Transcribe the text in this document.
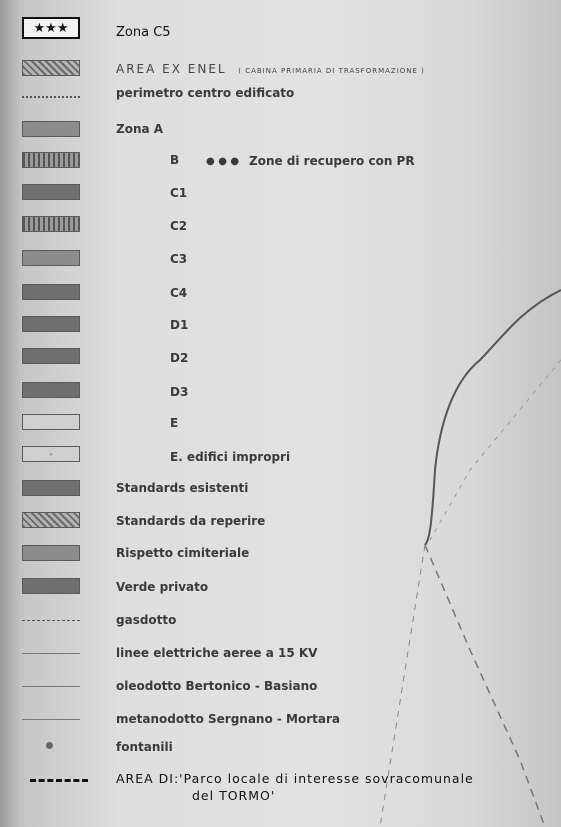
★★★	Zona C5
AREA EX ENEL ( CABINA PRIMARIA DI TRASFORMAZIONE )
perimetro centro edificato
Zona A
B	● ● ● Zone di recupero con PR
C1
C2
C3
C4
D1
D2
D3
E
◦	E. edifici impropri
Standards esistenti
Standards da reperire
Rispetto cimiteriale
Verde privato
gasdotto
linee elettriche aeree a 15 KV
oleodotto Bertonico - Basiano
metanodotto Sergnano - Mortara
fontanili
AREA DI:'Parco locale di interesse sovracomunale
del TORMO'
